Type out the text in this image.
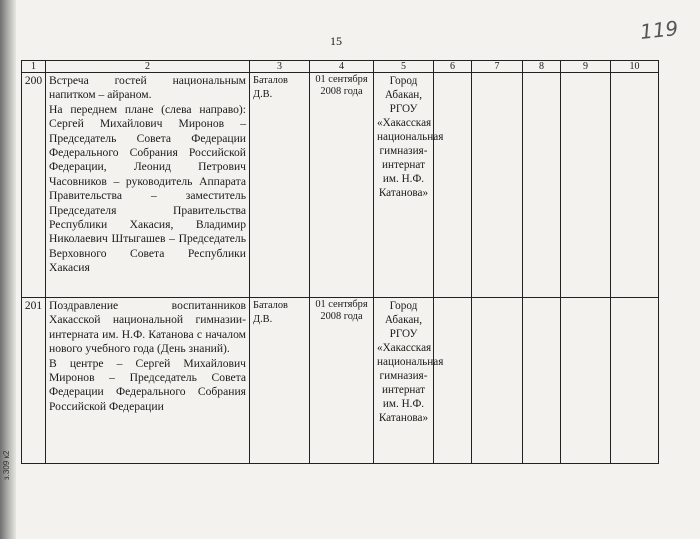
15	119
з.309 к2
1	2	3	4	5	6	7	8	9	10
200	Встреча гостей национальным напитком – айраном.

На переднем плане (слева направо): Сергей Михайлович Миронов – Председатель Совета Федерации Федерального Собрания Российской Федерации, Леонид Петрович Часовников – руководитель Аппарата Правительства – заместитель Председателя Правительства Республики Хакасия, Владимир Николаевич Штыгашев – Председатель Верховного Совета Республики Хакасия	Баталов Д.В.	01 сентября 2008 года	Город Абакан, РГОУ «Хакасская национальная гимназия-интернат им. Н.Ф. Катанова»					
201	Поздравление воспитанников Хакасской национальной гимназии-интерната им. Н.Ф. Катанова с началом нового учебного года (День знаний).

В центре – Сергей Михайлович Миронов – Председатель Совета Федерации Федерального Собрания Российской Федерации	Баталов Д.В.	01 сентября 2008 года	Город Абакан, РГОУ «Хакасская национальная гимназия-интернат им. Н.Ф. Катанова»					
